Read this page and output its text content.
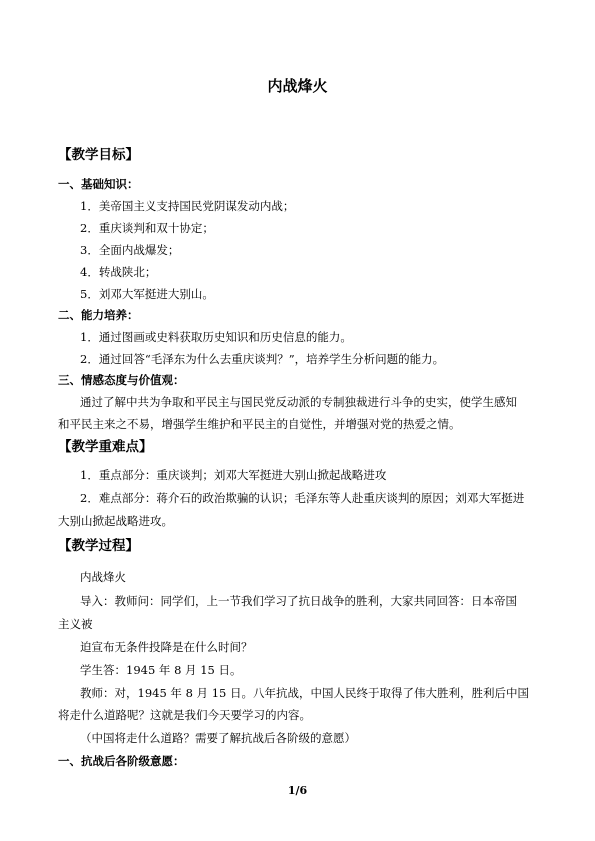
内战烽火
【教学目标】
一、基础知识：
1．美帝国主义支持国民党阴谋发动内战；
2．重庆谈判和双十协定；
3．全面内战爆发；
4．转战陕北；
5．刘邓大军挺进大别山。
二、能力培养：
1．通过图画或史料获取历史知识和历史信息的能力。
2．通过回答“毛泽东为什么去重庆谈判？”，培养学生分析问题的能力。
三、情感态度与价值观：
通过了解中共为争取和平民主与国民党反动派的专制独裁进行斗争的史实，使学生感知
和平民主来之不易，增强学生维护和平民主的自觉性，并增强对党的热爱之情。
【教学重难点】
1．重点部分：重庆谈判；刘邓大军挺进大别山掀起战略进攻
2．难点部分：蒋介石的政治欺骗的认识；毛泽东等人赴重庆谈判的原因；刘邓大军挺进
大别山掀起战略进攻。
【教学过程】
内战烽火
导入：教师问：同学们，上一节我们学习了抗日战争的胜利，大家共同回答：日本帝国
主义被
迫宣布无条件投降是在什么时间？
学生答：1945 年 8 月 15 日。
教师：对，1945 年 8 月 15 日。八年抗战，中国人民终于取得了伟大胜利，胜利后中国
将走什么道路呢？这就是我们今天要学习的内容。
（中国将走什么道路？需要了解抗战后各阶级的意愿）
一、抗战后各阶级意愿：
1/6
